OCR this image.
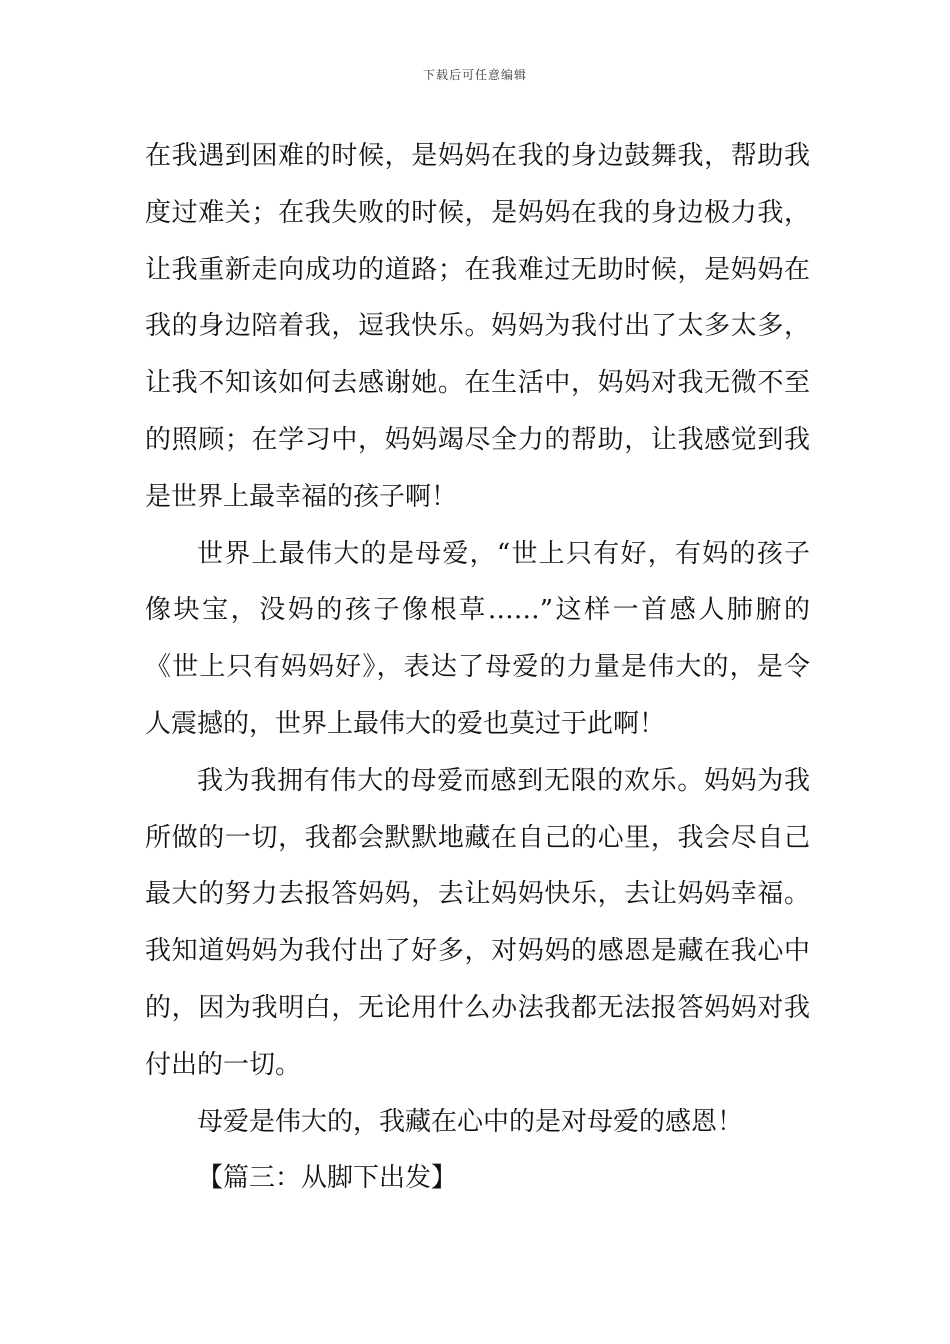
下载后可任意编辑
在我遇到困难的时候，是妈妈在我的身边鼓舞我，帮助我
度过难关；在我失败的时候，是妈妈在我的身边极力我，
让我重新走向成功的道路；在我难过无助时候，是妈妈在
我的身边陪着我，逗我快乐。妈妈为我付出了太多太多，
让我不知该如何去感谢她。在生活中，妈妈对我无微不至
的照顾；在学习中，妈妈竭尽全力的帮助，让我感觉到我
是世界上最幸福的孩子啊！
世界上最伟大的是母爱，“世上只有好，有妈的孩子
像块宝，没妈的孩子像根草……”这样一首感人肺腑的
《世上只有妈妈好》，表达了母爱的力量是伟大的，是令
人震撼的，世界上最伟大的爱也莫过于此啊！
我为我拥有伟大的母爱而感到无限的欢乐。妈妈为我
所做的一切，我都会默默地藏在自己的心里，我会尽自己
最大的努力去报答妈妈，去让妈妈快乐，去让妈妈幸福。
我知道妈妈为我付出了好多，对妈妈的感恩是藏在我心中
的，因为我明白，无论用什么办法我都无法报答妈妈对我
付出的一切。
母爱是伟大的，我藏在心中的是对母爱的感恩！
【篇三：从脚下出发】
